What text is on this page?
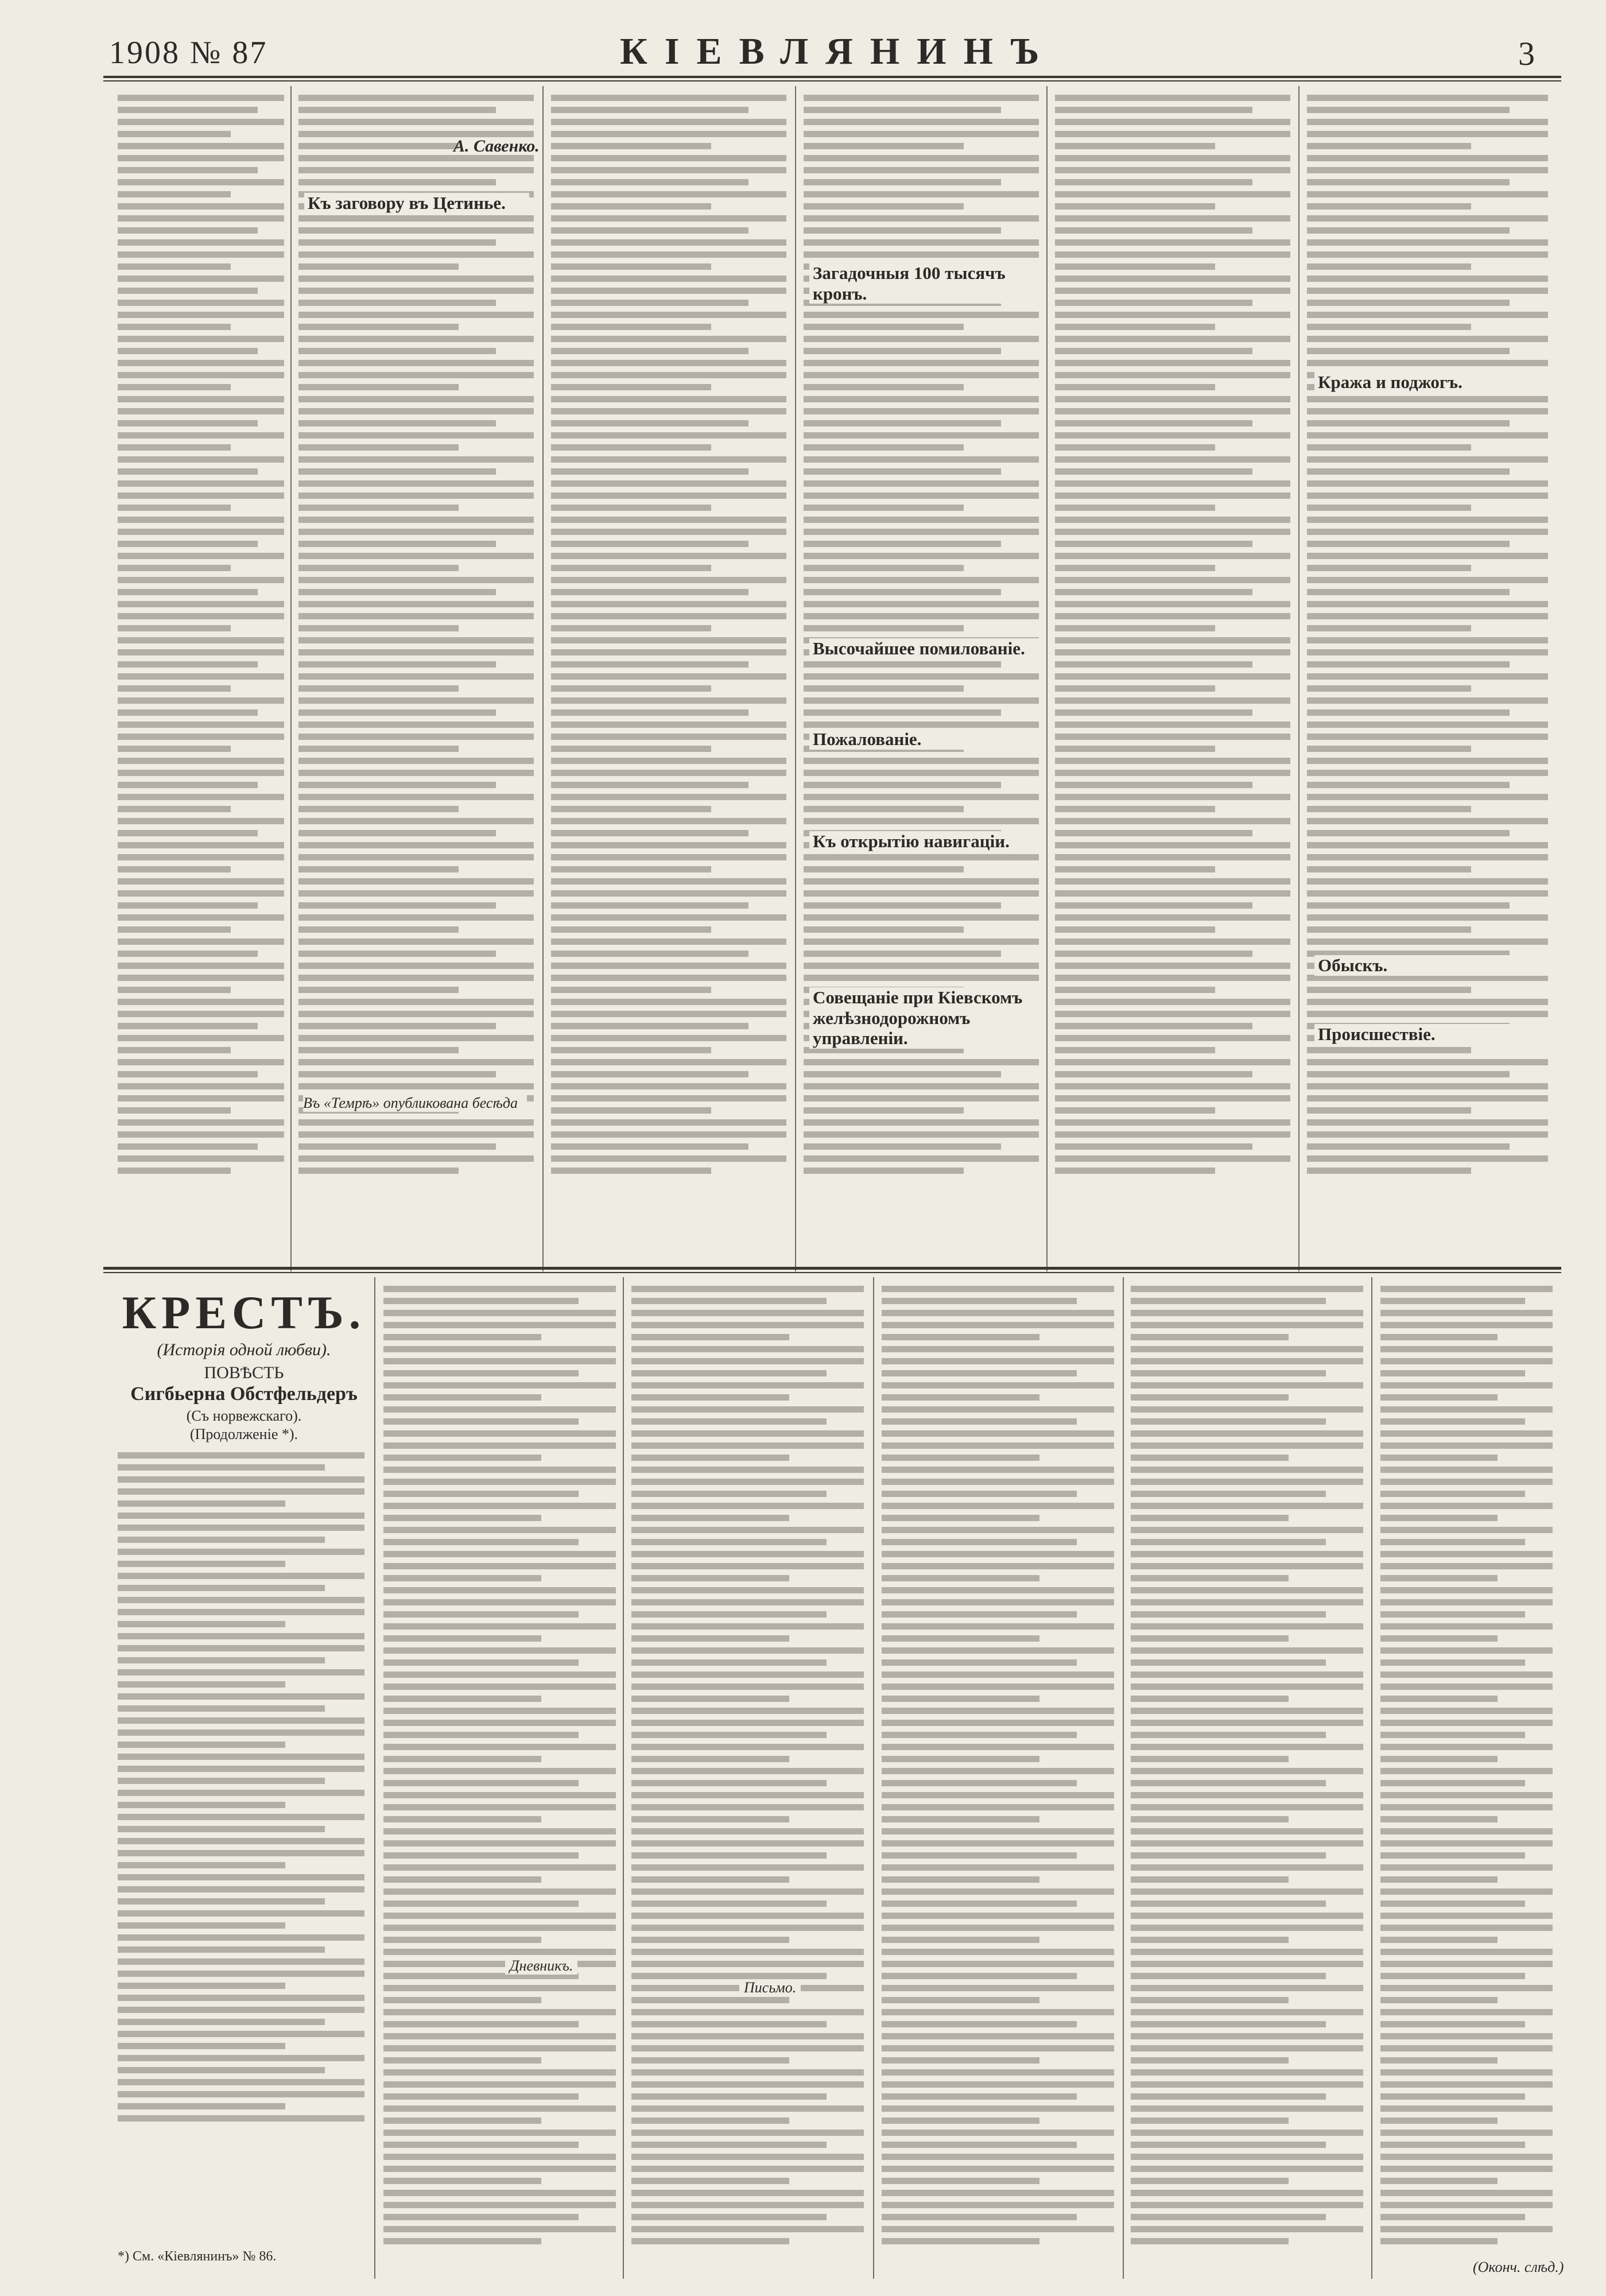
1908 № 87	КІЕВЛЯНИНЪ	3
Къ заговору въ Цетинье.
А. Савенко.
Загадочныя 100 тысячъ кронъ.
Высочайшее помилованіе.
Пожалованіе.
Къ открытію навигаціи.
Совещаніе при Кіевскомъ желѣзнодорожномъ управленіи.
Кража и поджогъ.
Обыскъ.
Происшествіе.
Въ «Темрѣ» опубликована бесѣда
КРЕСТЪ.
(Исторія одной любви).
ПОВѢСТЬ
Сигбьерна Обстфельдеръ
(Съ норвежскаго).
(Продолженіе *).
*) См. «Кіевлянинъ» № 86.
Дневникъ.
Письмо.
(Оконч. слѣд.)
